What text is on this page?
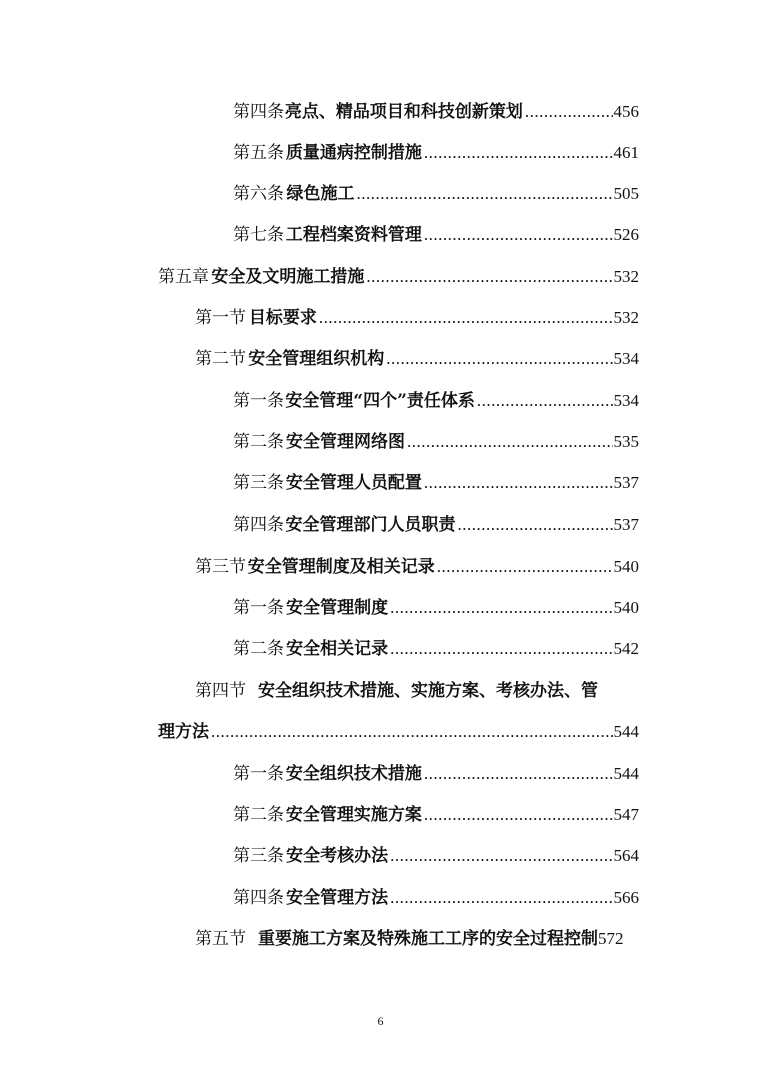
第四条 亮点、精品项目和科技创新策划 .....	456
第五条 质量通病控制措施 .....	461
第六条 绿色施工 .....	505
第七条 工程档案资料管理 .....	526
第五章 安全及文明施工措施 .....	532
第一节 目标要求 .....	532
第二节 安全管理组织机构 .....	534
第一条 安全管理“四个”责任体系 .....	534
第二条 安全管理网络图 .....	535
第三条 安全管理人员配置 .....	537
第四条 安全管理部门人员职责 .....	537
第三节 安全管理制度及相关记录 .....	540
第一条 安全管理制度 .....	540
第二条 安全相关记录 .....	542
第四节 安全组织技术措施、实施方案、考核办法、管
理方法 .....	544
第一条 安全组织技术措施 .....	544
第二条 安全管理实施方案 .....	547
第三条 安全考核办法 .....	564
第四条 安全管理方法 .....	566
第五节 重要施工方案及特殊施工工序的安全过程控制 572
6
